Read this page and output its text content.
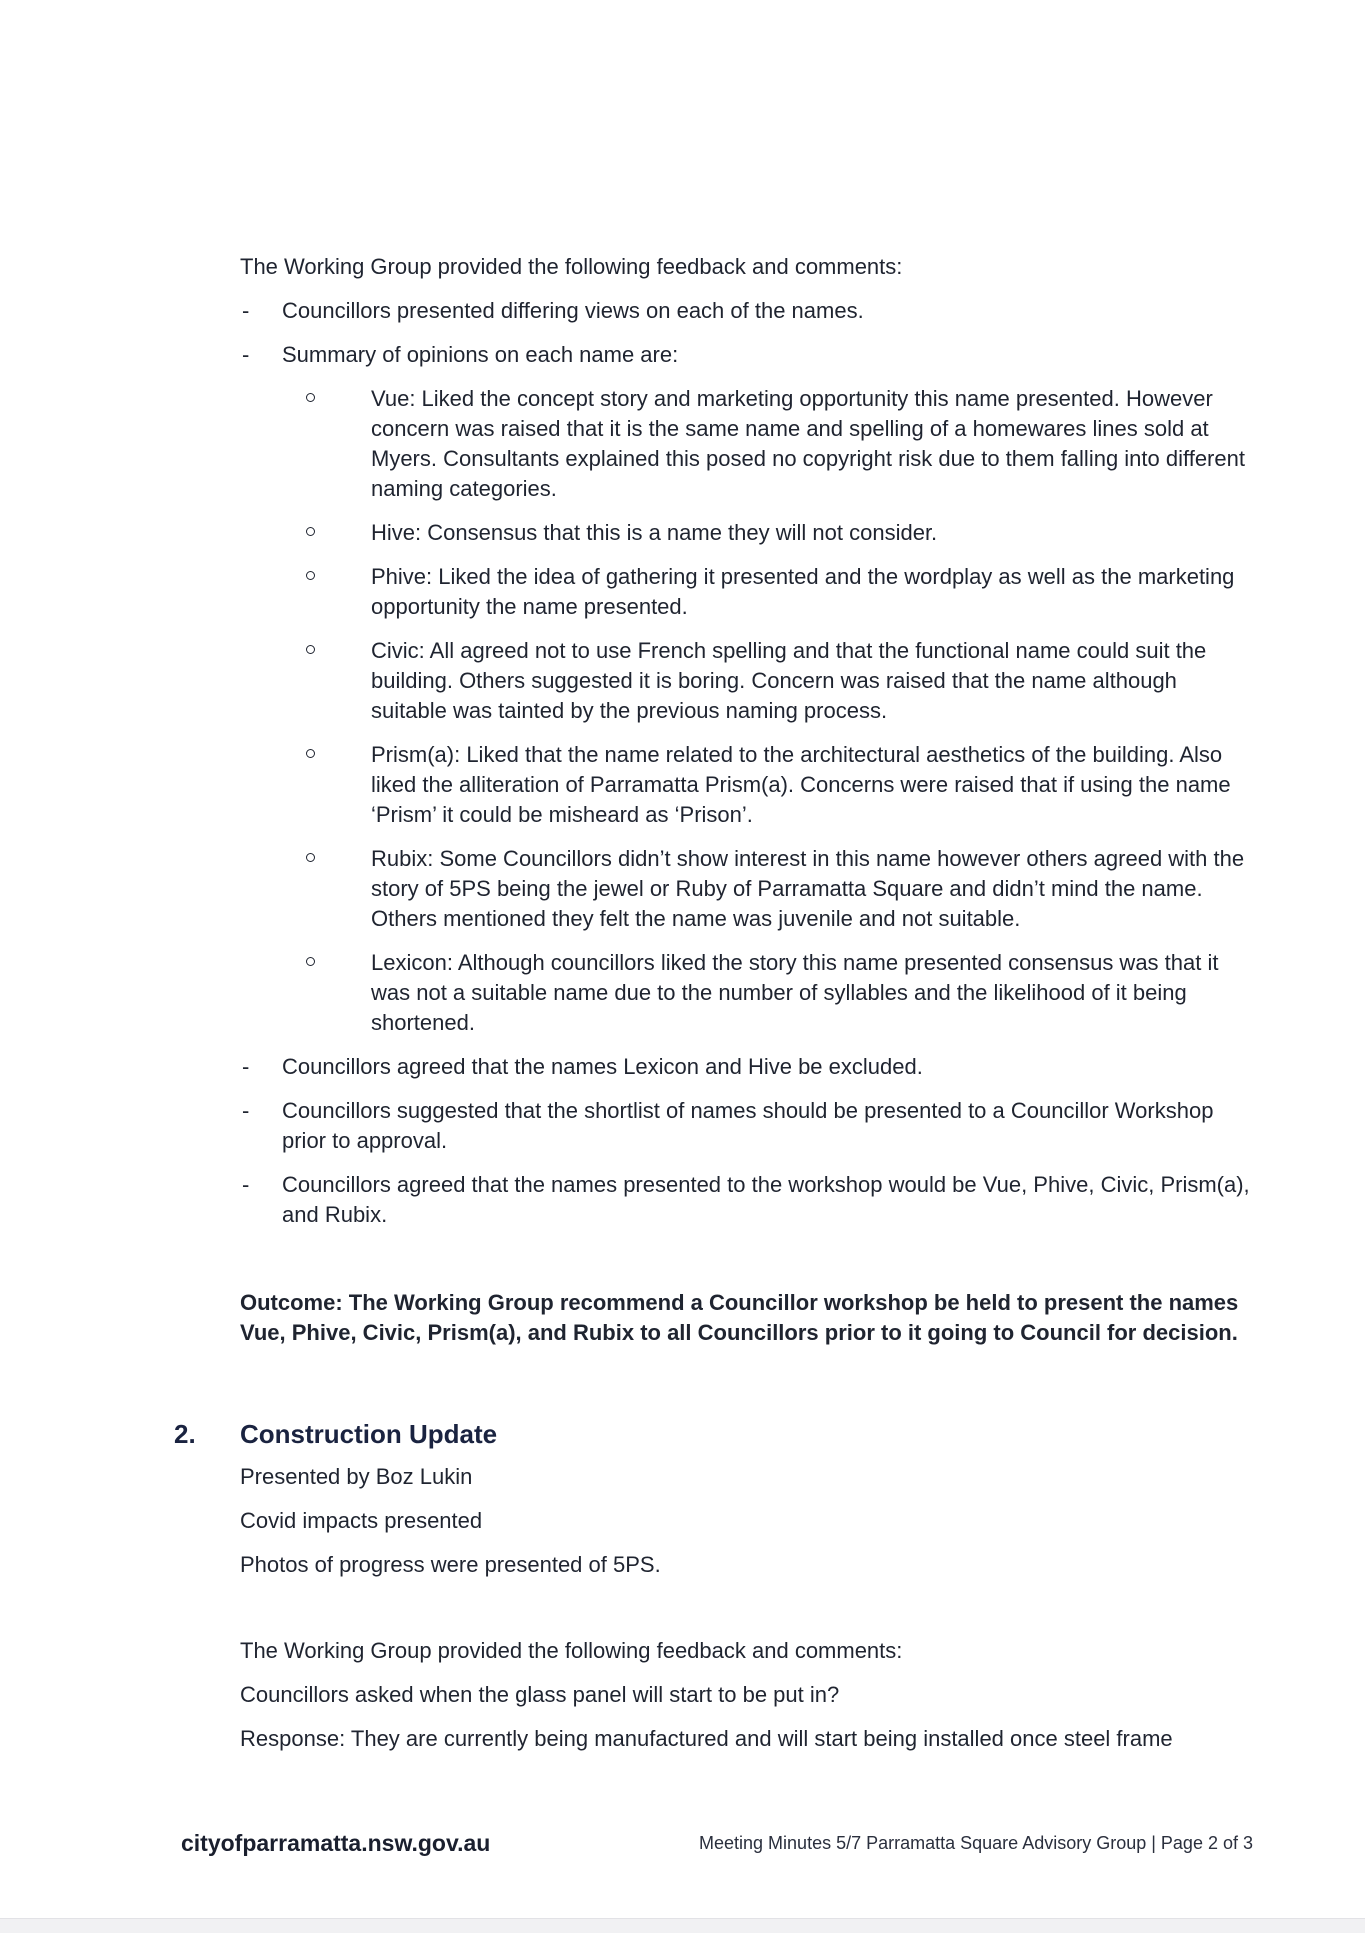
The Working Group provided the following feedback and comments:

- Councillors presented differing views on each of the names.
- Summary of opinions on each name are:
Vue: Liked the concept story and marketing opportunity this name presented. However concern was raised that it is the same name and spelling of a homewares lines sold at Myers. Consultants explained this posed no copyright risk due to them falling into different naming categories.
Hive: Consensus that this is a name they will not consider.
Phive: Liked the idea of gathering it presented and the wordplay as well as the marketing opportunity the name presented.
Civic: All agreed not to use French spelling and that the functional name could suit the building. Others suggested it is boring. Concern was raised that the name although suitable was tainted by the previous naming process.
Prism(a): Liked that the name related to the architectural aesthetics of the building. Also liked the alliteration of Parramatta Prism(a). Concerns were raised that if using the name ‘Prism’ it could be misheard as ‘Prison’.
Rubix: Some Councillors didn’t show interest in this name however others agreed with the story of 5PS being the jewel or Ruby of Parramatta Square and didn’t mind the name. Others mentioned they felt the name was juvenile and not suitable.
Lexicon: Although councillors liked the story this name presented consensus was that it was not a suitable name due to the number of syllables and the likelihood of it being shortened.
- Councillors agreed that the names Lexicon and Hive be excluded.
- Councillors suggested that the shortlist of names should be presented to a Councillor Workshop prior to approval.
- Councillors agreed that the names presented to the workshop would be Vue, Phive, Civic, Prism(a), and Rubix.

Outcome: The Working Group recommend a Councillor workshop be held to present the names Vue, Phive, Civic, Prism(a), and Rubix to all Councillors prior to it going to Council for decision.

2. Construction Update

Presented by Boz Lukin

Covid impacts presented

Photos of progress were presented of 5PS.

The Working Group provided the following feedback and comments:

Councillors asked when the glass panel will start to be put in?

Response: They are currently being manufactured and will start being installed once steel frame

cityofparramatta.nsw.gov.au	Meeting Minutes 5/7 Parramatta Square Advisory Group | Page 2 of 3
